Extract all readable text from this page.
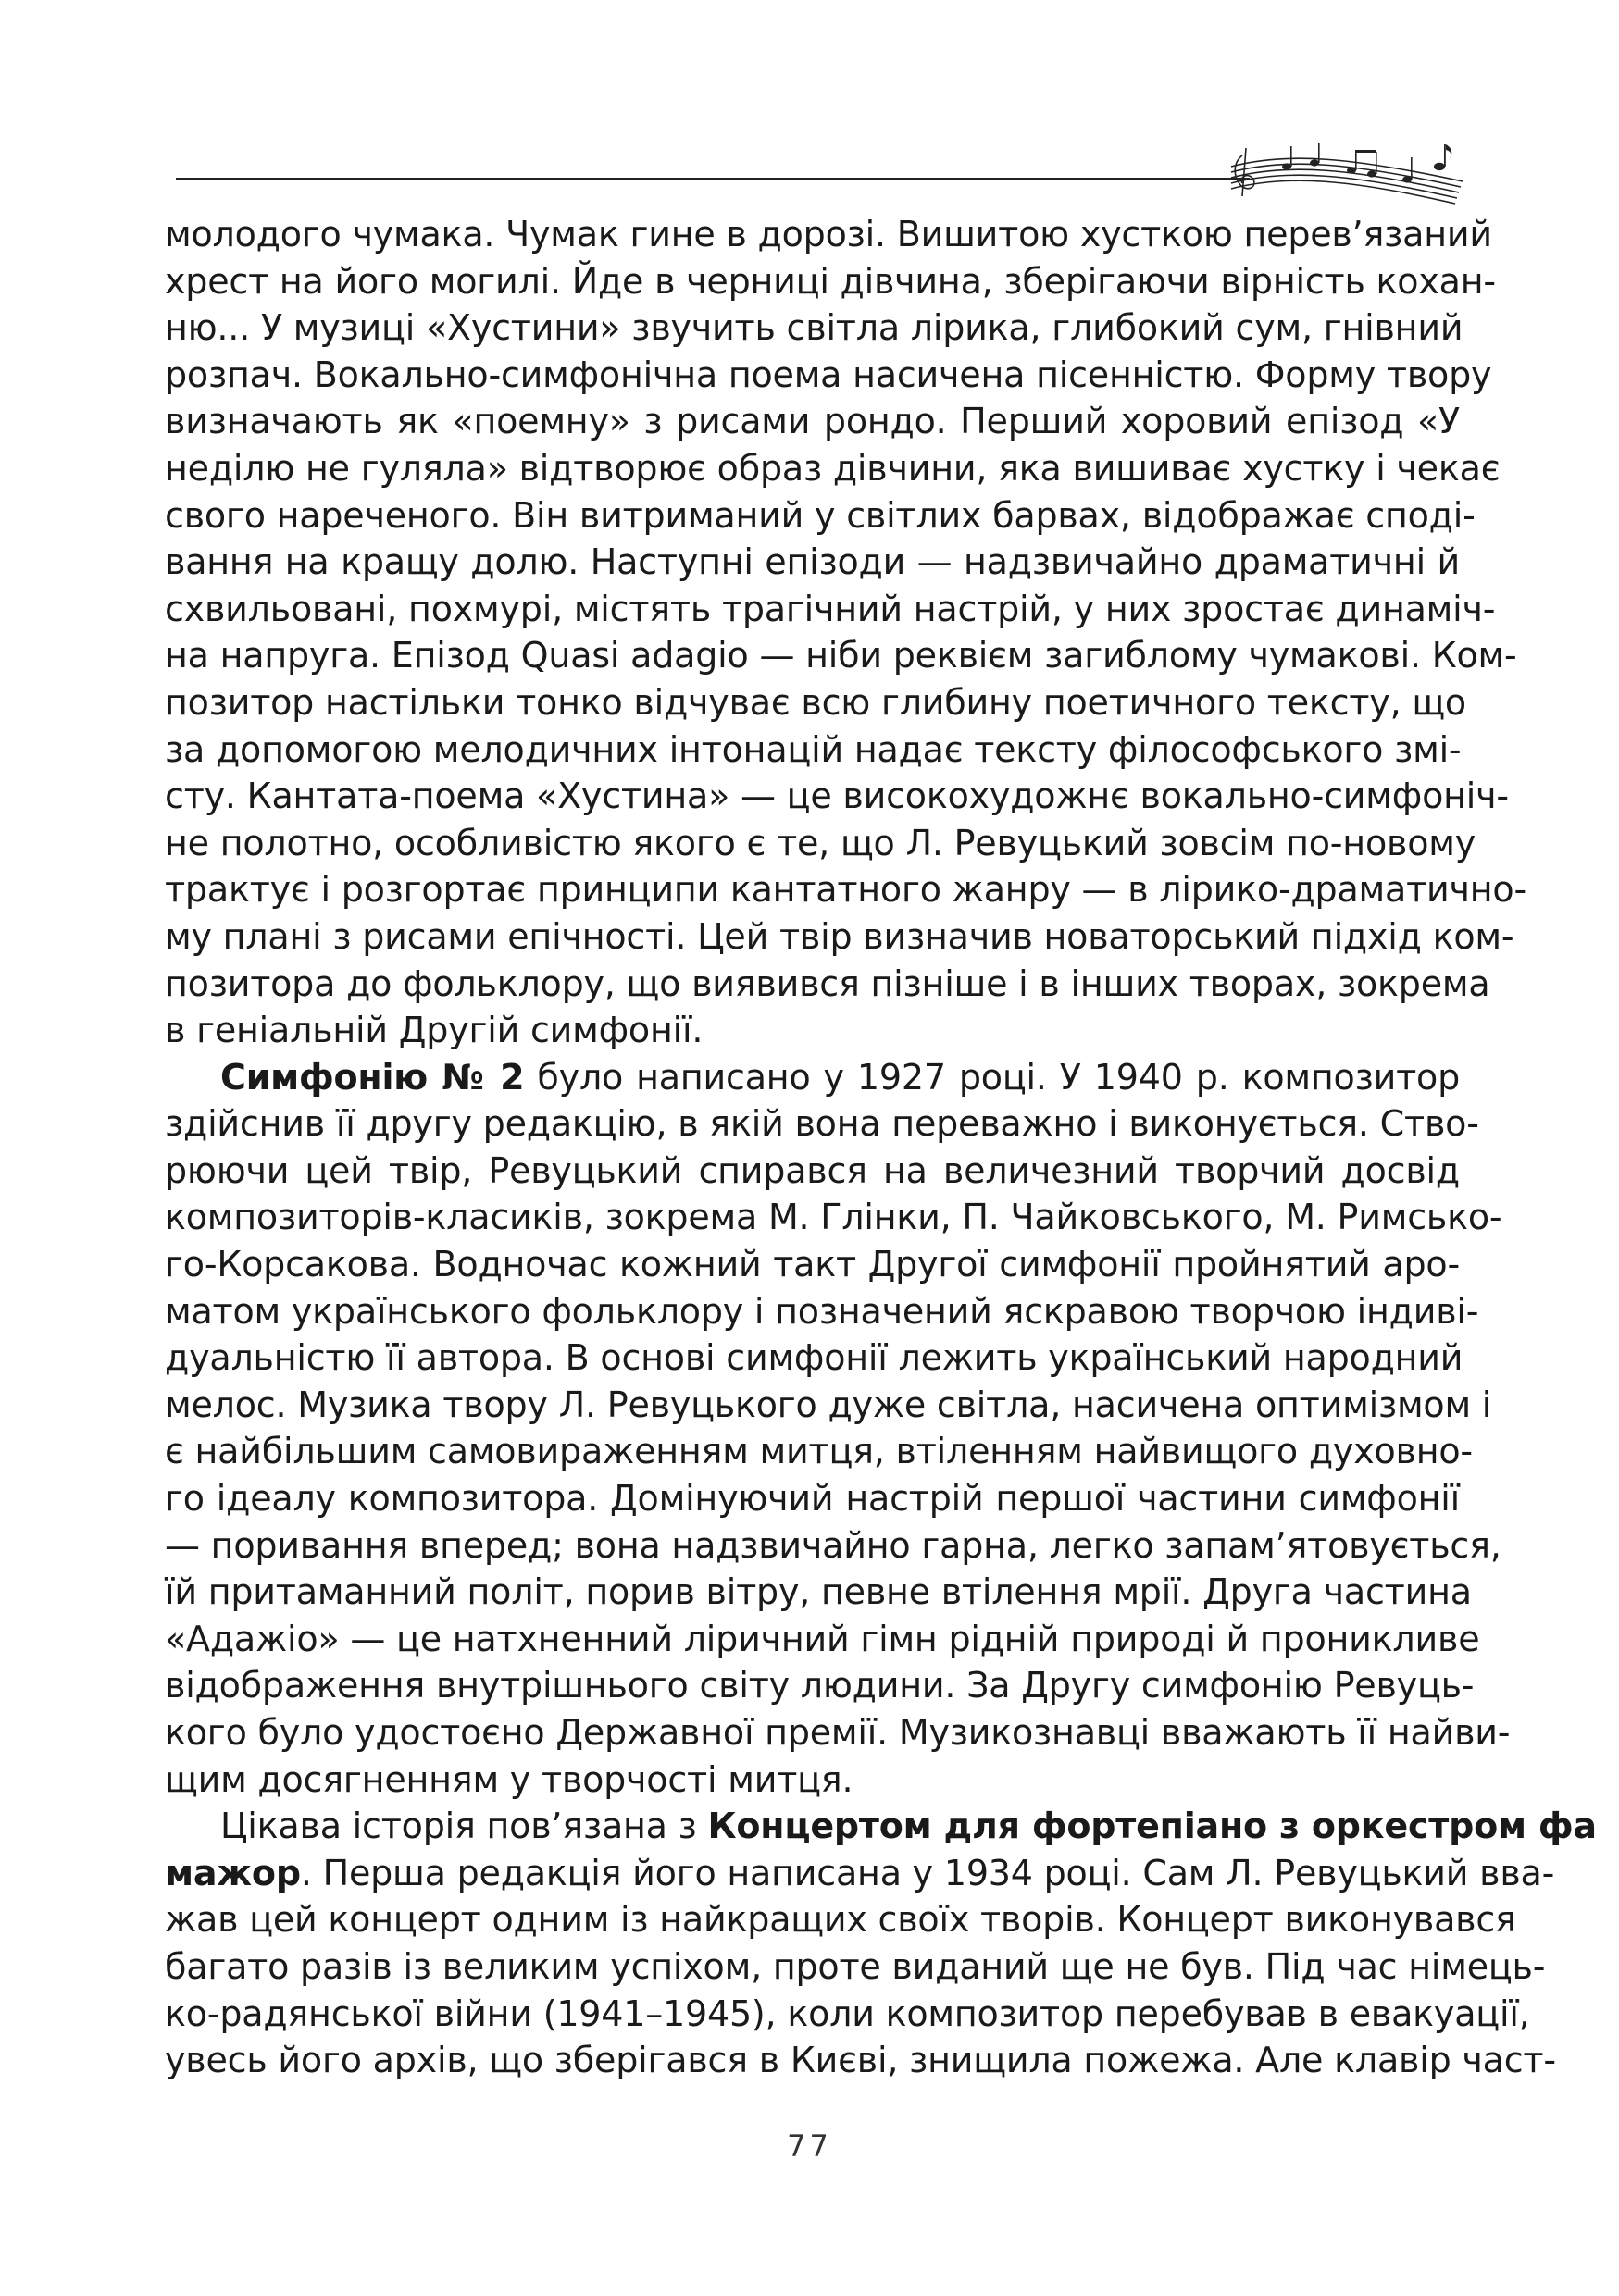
молодого чумака. Чумак гине в дорозі. Вишитою хусткою перев’язаний
хрест на його могилі. Йде в черниці дівчина, зберігаючи вірність кохан-
ню... У музиці «Хустини» звучить світла лірика, глибокий сум, гнівний
розпач. Вокально-симфонічна поема насичена пісенністю. Форму твору
визначають як «поемну» з рисами рондо. Перший хоровий епізод «У
неділю не гуляла» відтворює образ дівчини, яка вишиває хустку і чекає
свого нареченого. Він витриманий у світлих барвах, відображає сподi-
вання на кращу долю. Наступні епізоди — надзвичайно драматичні й
схвильовані, похмурі, містять трагічний настрій, у них зростає динаміч-
на напруга. Епізод Quasi adagio — ніби реквієм загиблому чумакові. Ком-
позитор настільки тонко відчуває всю глибину поетичного тексту, що
за допомогою мелодичних інтонацій надає тексту філософського змі-
сту. Кантата-поема «Хустина» — це високохудожнє вокально-симфоніч-
не полотно, особливістю якого є те, що Л. Ревуцький зовсім по-новому
трактує і розгортає принципи кантатного жанру — в лірико-драматично-
му плані з рисами епічності. Цей твір визначив новаторський підхід ком-
позитора до фольклору, що виявився пізніше і в інших творах, зокрема
в геніальній Другій симфонії.

Симфонію № 2 було написано у 1927 році. У 1940 р. композитор
здійснив її другу редакцію, в якій вона переважно і виконується. Ство-
рюючи цей твір, Ревуцький спирався на величезний творчий досвід
композиторів-класиків, зокрема М. Глінки, П. Чайковського, М. Римсько-
го-Корсакова. Водночас кожний такт Другої симфонії пройнятий аро-
матом українського фольклору і позначений яскравою творчою індиві-
дуальністю її автора. В основі симфонії лежить український народний
мелос. Музика твору Л. Ревуцького дуже світла, насичена оптимізмом і
є найбільшим самовираженням митця, втіленням найвищого духовно-
го ідеалу композитора. Домінуючий настрій першої частини симфонії
— поривання вперед; вона надзвичайно гарна, легко запам’ятовується,
їй притаманний політ, порив вітру, певне втілення мрії. Друга частина
«Адажіо» — це натхненний ліричний гімн рідній природі й проникливе
відображення внутрішнього світу людини. За Другу симфонію Ревуць-
кого було удостоєно Державної премії. Музикознавці вважають її найви-
щим досягненням у творчості митця.

Цікава історія пов’язана з Концертом для фортепіано з оркестром фа
мажор. Перша редакція його написана у 1934 році. Сам Л. Ревуцький вва-
жав цей концерт одним із найкращих своїх творів. Концерт виконувався
багато разів із великим успіхом, проте виданий ще не був. Під час німець-
ко-радянської війни (1941–1945), коли композитор перебував в евакуації,
увесь його архів, що зберігався в Києві, знищила пожежа. Але клавір част-

77
